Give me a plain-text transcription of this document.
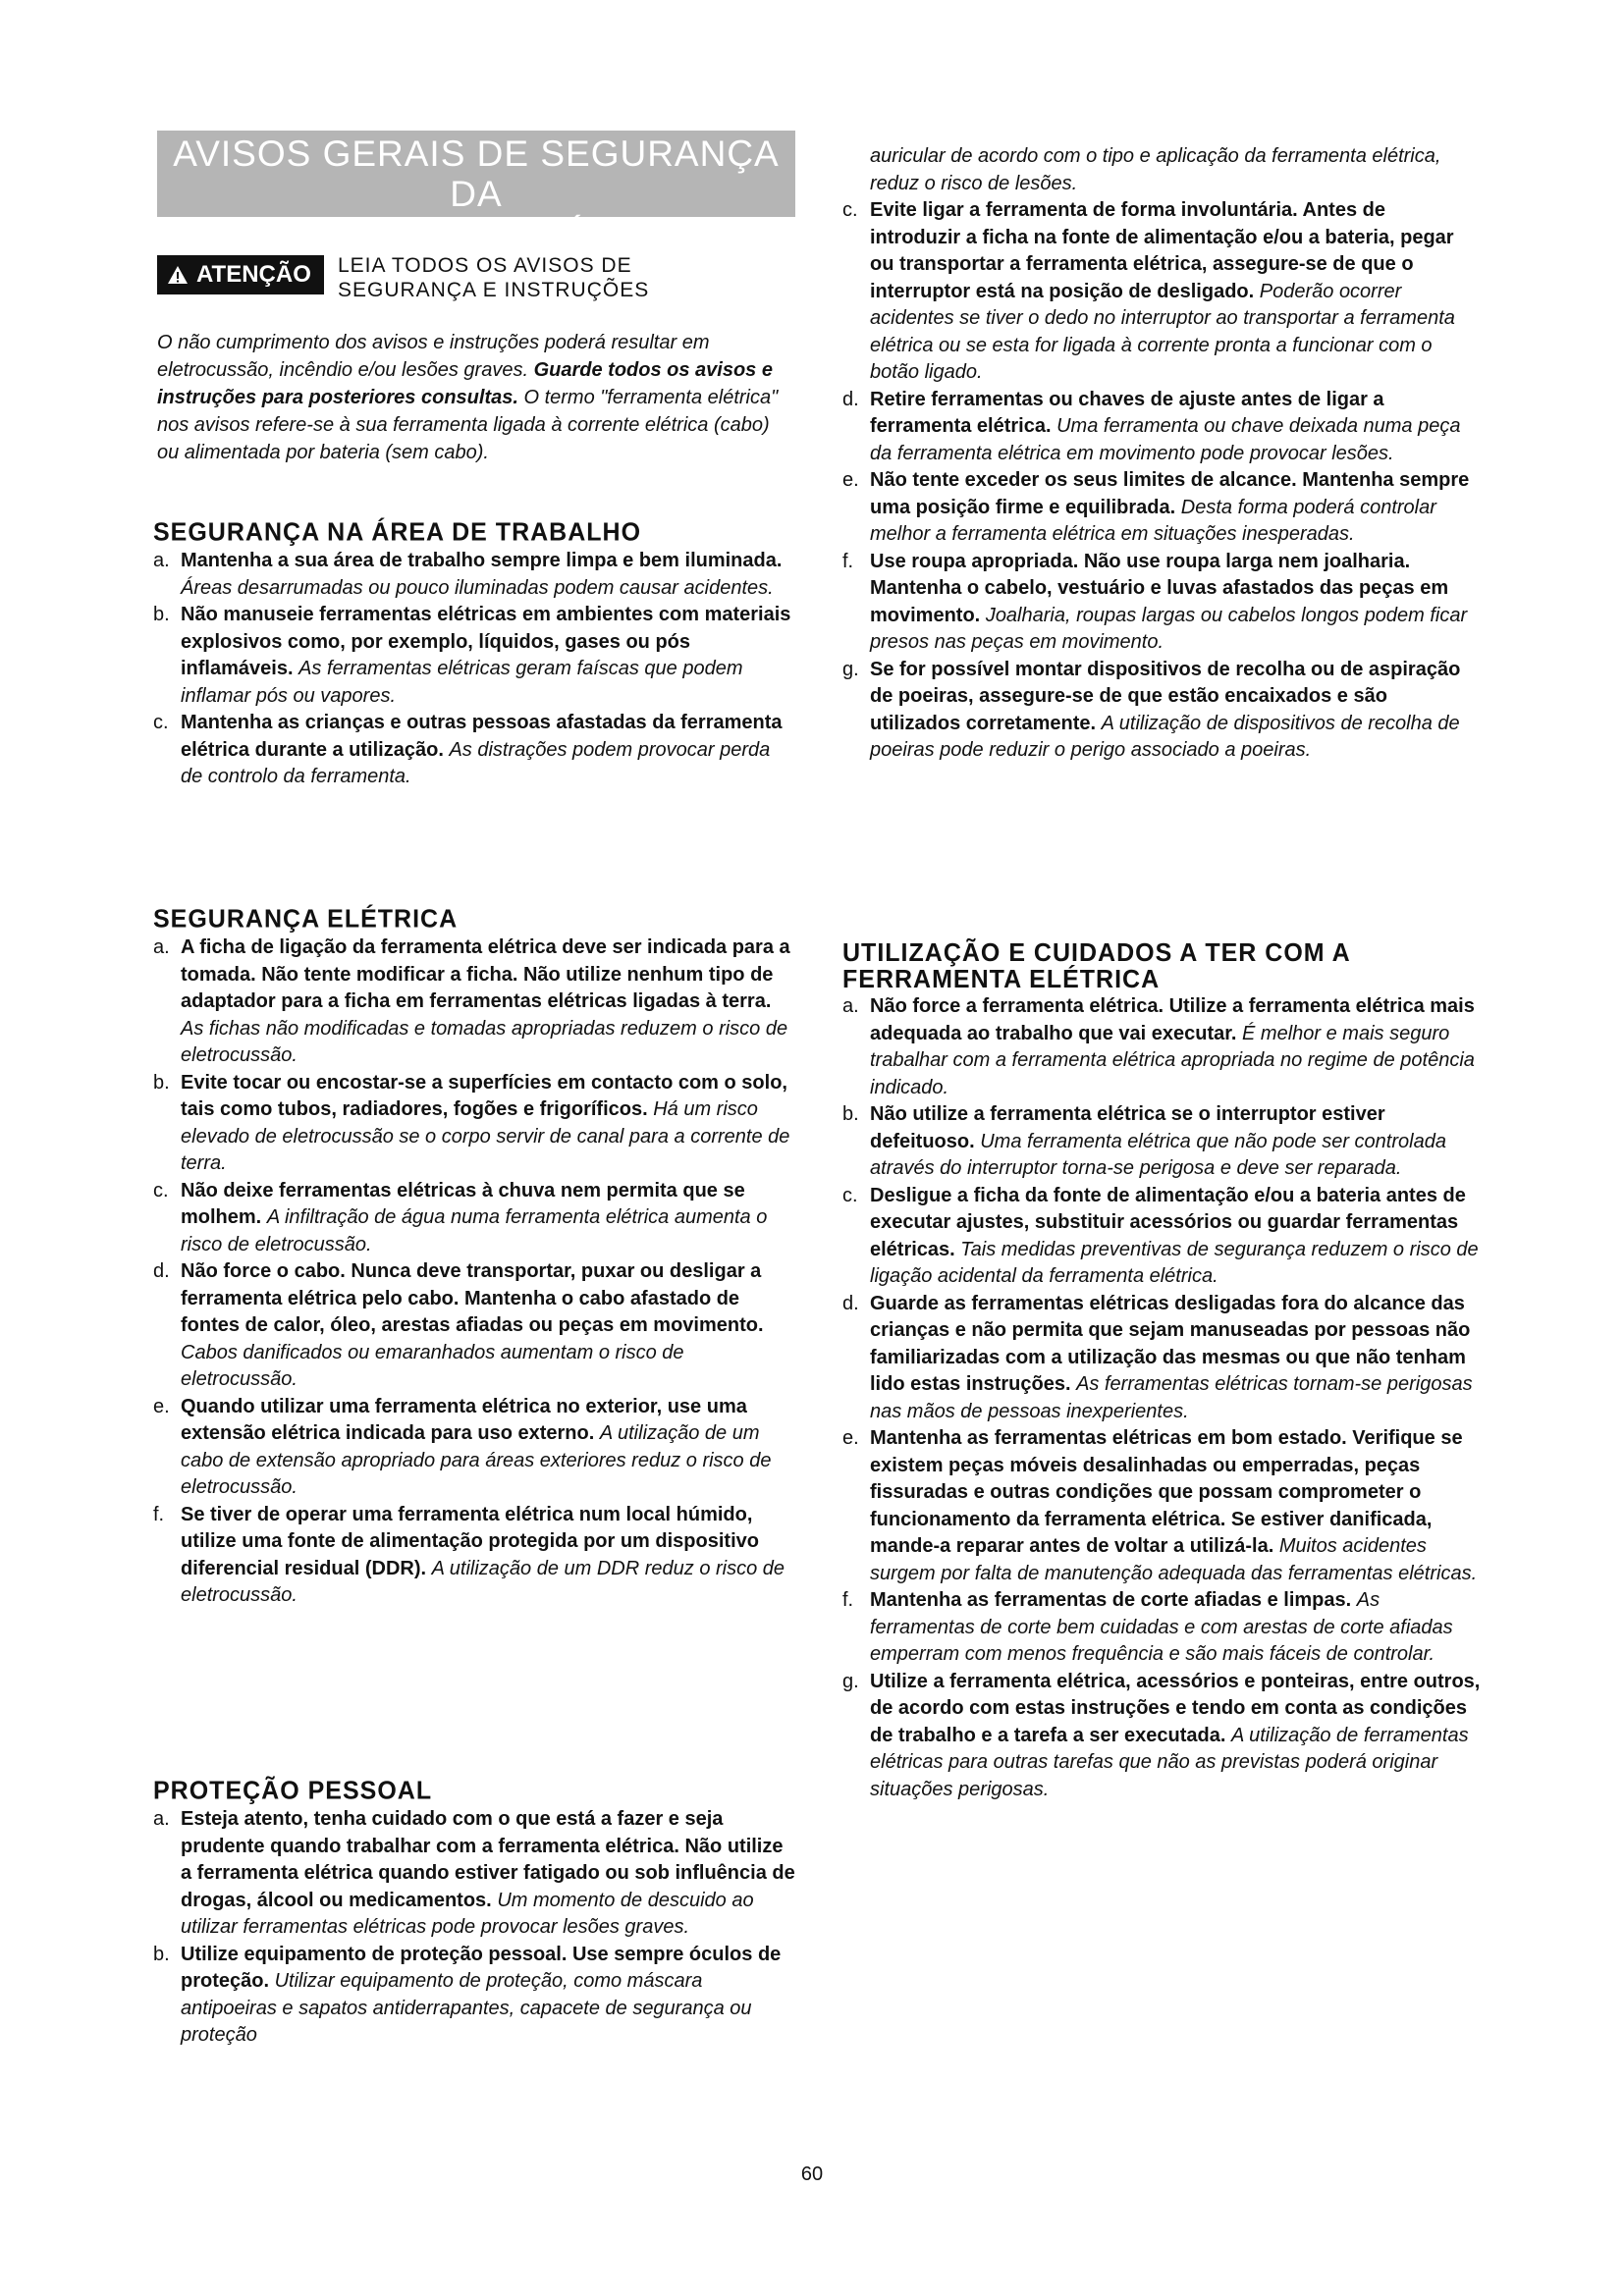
AVISOS GERAIS DE SEGURANÇA DA
FERRAMENTA ELÉTRICA
ATENÇÃO LEIA TODOS OS AVISOS DE
SEGURANÇA E INSTRUÇÕES
O não cumprimento dos avisos e instruções poderá resultar em eletrocussão, incêndio e/ou lesões graves. Guarde todos os avisos e instruções para posteriores consultas. O termo "ferramenta elétrica" nos avisos refere-se à sua ferramenta ligada à corrente elétrica (cabo) ou alimentada por bateria (sem cabo).
SEGURANÇA NA ÁREA DE TRABALHO
a. Mantenha a sua área de trabalho sempre limpa e bem iluminada. Áreas desarrumadas ou pouco iluminadas podem causar acidentes.
b. Não manuseie ferramentas elétricas em ambientes com materiais explosivos como, por exemplo, líquidos, gases ou pós inflamáveis. As ferramentas elétricas geram faíscas que podem inflamar pós ou vapores.
c. Mantenha as crianças e outras pessoas afastadas da ferramenta elétrica durante a utilização. As distrações podem provocar perda de controlo da ferramenta.
SEGURANÇA ELÉTRICA
a. A ficha de ligação da ferramenta elétrica deve ser indicada para a tomada. Não tente modificar a ficha. Não utilize nenhum tipo de adaptador para a ficha em ferramentas elétricas ligadas à terra. As fichas não modificadas e tomadas apropriadas reduzem o risco de eletrocussão.
b. Evite tocar ou encostar-se a superfícies em contacto com o solo, tais como tubos, radiadores, fogões e frigoríficos. Há um risco elevado de eletrocussão se o corpo servir de canal para a corrente de terra.
c. Não deixe ferramentas elétricas à chuva nem permita que se molhem. A infiltração de água numa ferramenta elétrica aumenta o risco de eletrocussão.
d. Não force o cabo. Nunca deve transportar, puxar ou desligar a ferramenta elétrica pelo cabo. Mantenha o cabo afastado de fontes de calor, óleo, arestas afiadas ou peças em movimento. Cabos danificados ou emaranhados aumentam o risco de eletrocussão.
e. Quando utilizar uma ferramenta elétrica no exterior, use uma extensão elétrica indicada para uso externo. A utilização de um cabo de extensão apropriado para áreas exteriores reduz o risco de eletrocussão.
f. Se tiver de operar uma ferramenta elétrica num local húmido, utilize uma fonte de alimentação protegida por um dispositivo diferencial residual (DDR). A utilização de um DDR reduz o risco de eletrocussão.
PROTEÇÃO PESSOAL
a. Esteja atento, tenha cuidado com o que está a fazer e seja prudente quando trabalhar com a ferramenta elétrica. Não utilize a ferramenta elétrica quando estiver fatigado ou sob influência de drogas, álcool ou medicamentos. Um momento de descuido ao utilizar ferramentas elétricas pode provocar lesões graves.
b. Utilize equipamento de proteção pessoal. Use sempre óculos de proteção. Utilizar equipamento de proteção, como máscara antipoeiras e sapatos antiderrapantes, capacete de segurança ou proteção
auricular de acordo com o tipo e aplicação da ferramenta elétrica, reduz o risco de lesões.
c. Evite ligar a ferramenta de forma involuntária. Antes de introduzir a ficha na fonte de alimentação e/ou a bateria, pegar ou transportar a ferramenta elétrica, assegure-se de que o interruptor está na posição de desligado. Poderão ocorrer acidentes se tiver o dedo no interruptor ao transportar a ferramenta elétrica ou se esta for ligada à corrente pronta a funcionar com o botão ligado.
d. Retire ferramentas ou chaves de ajuste antes de ligar a ferramenta elétrica. Uma ferramenta ou chave deixada numa peça da ferramenta elétrica em movimento pode provocar lesões.
e. Não tente exceder os seus limites de alcance. Mantenha sempre uma posição firme e equilibrada. Desta forma poderá controlar melhor a ferramenta elétrica em situações inesperadas.
f. Use roupa apropriada. Não use roupa larga nem joalharia. Mantenha o cabelo, vestuário e luvas afastados das peças em movimento. Joalharia, roupas largas ou cabelos longos podem ficar presos nas peças em movimento.
g. Se for possível montar dispositivos de recolha ou de aspiração de poeiras, assegure-se de que estão encaixados e são utilizados corretamente. A utilização de dispositivos de recolha de poeiras pode reduzir o perigo associado a poeiras.
UTILIZAÇÃO E CUIDADOS A TER COM A
FERRAMENTA ELÉTRICA
a. Não force a ferramenta elétrica. Utilize a ferramenta elétrica mais adequada ao trabalho que vai executar. É melhor e mais seguro trabalhar com a ferramenta elétrica apropriada no regime de potência indicado.
b. Não utilize a ferramenta elétrica se o interruptor estiver defeituoso. Uma ferramenta elétrica que não pode ser controlada através do interruptor torna-se perigosa e deve ser reparada.
c. Desligue a ficha da fonte de alimentação e/ou a bateria antes de executar ajustes, substituir acessórios ou guardar ferramentas elétricas. Tais medidas preventivas de segurança reduzem o risco de ligação acidental da ferramenta elétrica.
d. Guarde as ferramentas elétricas desligadas fora do alcance das crianças e não permita que sejam manuseadas por pessoas não familiarizadas com a utilização das mesmas ou que não tenham lido estas instruções. As ferramentas elétricas tornam-se perigosas nas mãos de pessoas inexperientes.
e. Mantenha as ferramentas elétricas em bom estado. Verifique se existem peças móveis desalinhadas ou emperradas, peças fissuradas e outras condições que possam comprometer o funcionamento da ferramenta elétrica. Se estiver danificada, mande-a reparar antes de voltar a utilizá-la. Muitos acidentes surgem por falta de manutenção adequada das ferramentas elétricas.
f. Mantenha as ferramentas de corte afiadas e limpas. As ferramentas de corte bem cuidadas e com arestas de corte afiadas emperram com menos frequência e são mais fáceis de controlar.
g. Utilize a ferramenta elétrica, acessórios e ponteiras, entre outros, de acordo com estas instruções e tendo em conta as condições de trabalho e a tarefa a ser executada. A utilização de ferramentas elétricas para outras tarefas que não as previstas poderá originar situações perigosas.
60
